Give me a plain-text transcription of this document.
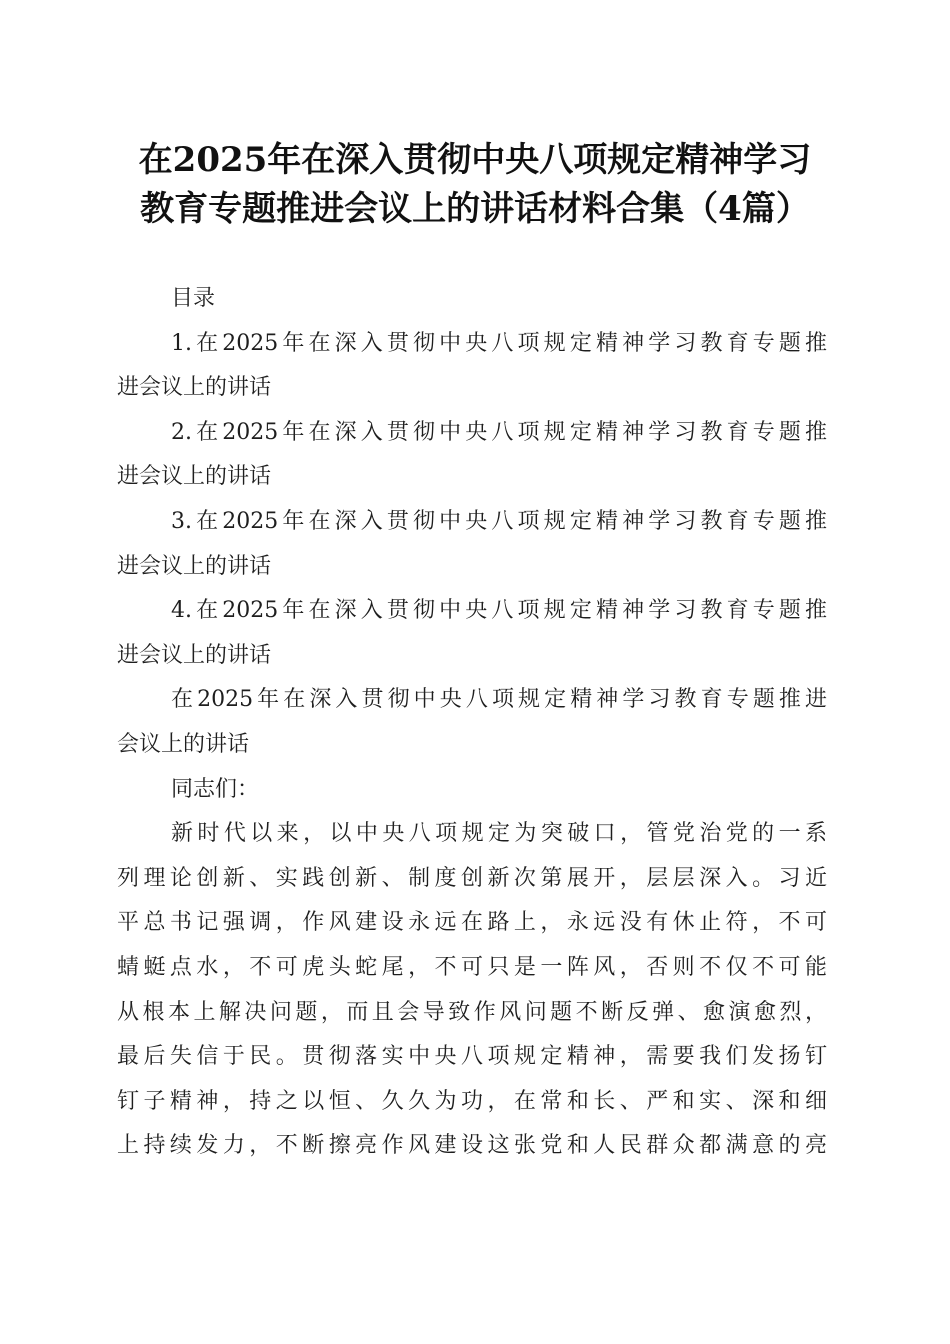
在2025年在深入贯彻中央八项规定精神学习
教育专题推进会议上的讲话材料合集（4篇）
目录
1.在2025年在深入贯彻中央八项规定精神学习教育专题推
进会议上的讲话
2.在2025年在深入贯彻中央八项规定精神学习教育专题推
进会议上的讲话
3.在2025年在深入贯彻中央八项规定精神学习教育专题推
进会议上的讲话
4.在2025年在深入贯彻中央八项规定精神学习教育专题推
进会议上的讲话
在2025年在深入贯彻中央八项规定精神学习教育专题推进
会议上的讲话
同志们：
新时代以来，以中央八项规定为突破口，管党治党的一系
列理论创新、实践创新、制度创新次第展开，层层深入。习近
平总书记强调，作风建设永远在路上，永远没有休止符，不可
蜻蜓点水，不可虎头蛇尾，不可只是一阵风，否则不仅不可能
从根本上解决问题，而且会导致作风问题不断反弹、愈演愈烈，
最后失信于民。贯彻落实中央八项规定精神，需要我们发扬钉
钉子精神，持之以恒、久久为功，在常和长、严和实、深和细
上持续发力，不断擦亮作风建设这张党和人民群众都满意的亮
